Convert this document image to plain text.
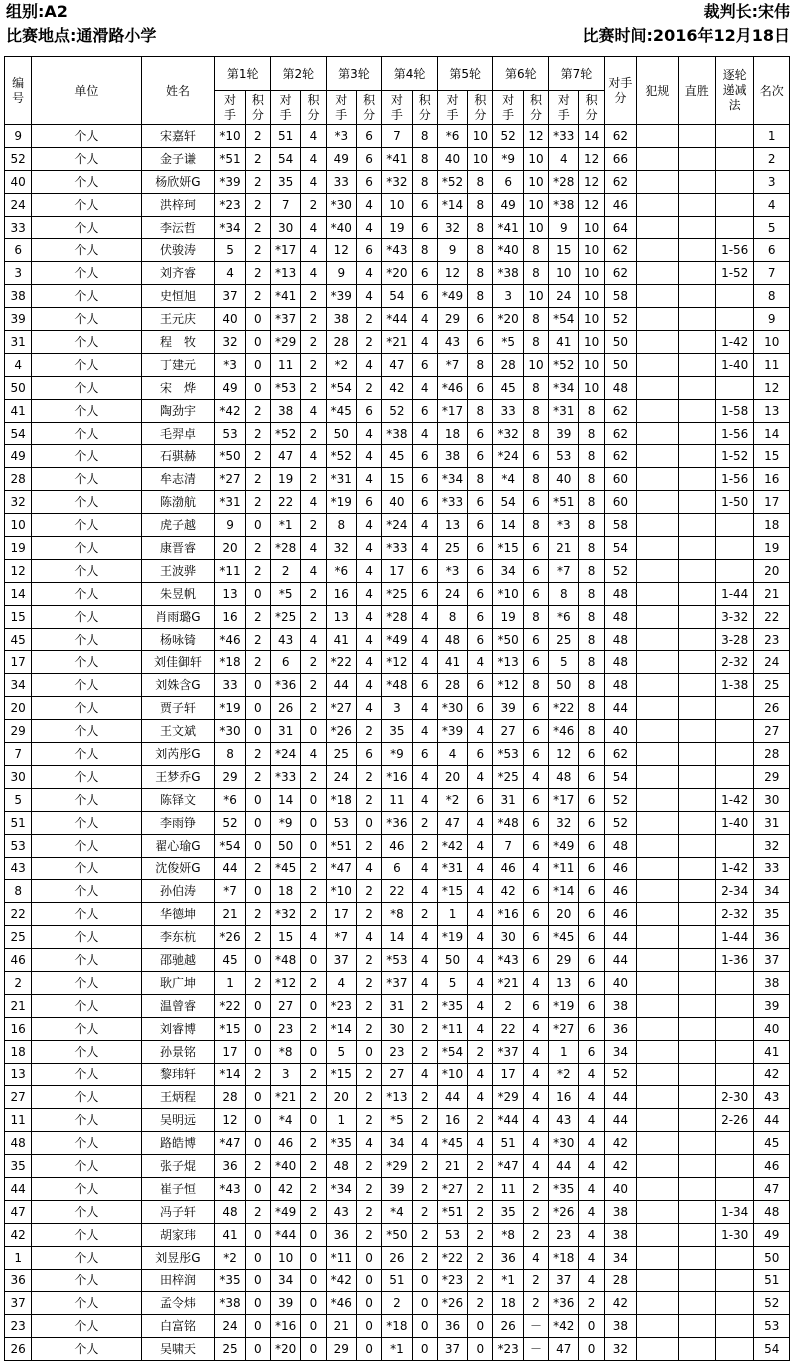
组别:A2	裁判长:宋伟
比赛地点:通滑路小学	比赛时间:2016年12月18日
编号	单位	姓名	第1轮		第2轮		第3轮		第4轮		第5轮		第6轮		第7轮		对手分	犯规	直胜	逐轮递减法	名次
			对手	积分	对手	积分	对手	积分	对手	积分	对手	积分	对手	积分	对手	积分					
9	个人	宋嘉轩	*10	2	51	4	*3	6	7	8	*6	10	52	12	*33	14	62				1
52	个人	金子谦	*51	2	54	4	49	6	*41	8	40	10	*9	10	4	12	66				2
40	个人	杨欣妍G	*39	2	35	4	33	6	*32	8	*52	8	6	10	*28	12	62				3
24	个人	洪梓珂	*23	2	7	2	*30	4	10	6	*14	8	49	10	*38	12	46				4
33	个人	李沄哲	*34	2	30	4	*40	4	19	6	32	8	*41	10	9	10	64				5
6	个人	伏骏涛	5	2	*17	4	12	6	*43	8	9	8	*40	8	15	10	62			1-56	6
3	个人	刘齐睿	4	2	*13	4	9	4	*20	6	12	8	*38	8	10	10	62			1-52	7
38	个人	史恒旭	37	2	*41	2	*39	4	54	6	*49	8	3	10	24	10	58				8
39	个人	王元庆	40	0	*37	2	38	2	*44	4	29	6	*20	8	*54	10	52				9
31	个人	程　牧	32	0	*29	2	28	2	*21	4	43	6	*5	8	41	10	50			1-42	10
4	个人	丁建元	*3	0	11	2	*2	4	47	6	*7	8	28	10	*52	10	50			1-40	11
50	个人	宋　烨	49	0	*53	2	*54	2	42	4	*46	6	45	8	*34	10	48				12
41	个人	陶劲宇	*42	2	38	4	*45	6	52	6	*17	8	33	8	*31	8	62			1-58	13
54	个人	毛羿卓	53	2	*52	2	50	4	*38	4	18	6	*32	8	39	8	62			1-56	14
49	个人	石骐赫	*50	2	47	4	*52	4	45	6	38	6	*24	6	53	8	62			1-52	15
28	个人	牟志清	*27	2	19	2	*31	4	15	6	*34	8	*4	8	40	8	60			1-56	16
32	个人	陈渤航	*31	2	22	4	*19	6	40	6	*33	6	54	6	*51	8	60			1-50	17
10	个人	虎子越	9	0	*1	2	8	4	*24	4	13	6	14	8	*3	8	58				18
19	个人	康晋睿	20	2	*28	4	32	4	*33	4	25	6	*15	6	21	8	54				19
12	个人	王波骅	*11	2	2	4	*6	4	17	6	*3	6	34	6	*7	8	52				20
14	个人	朱昱帆	13	0	*5	2	16	4	*25	6	24	6	*10	6	8	8	48			1-44	21
15	个人	肖雨璐G	16	2	*25	2	13	4	*28	4	8	6	19	8	*6	8	48			3-32	22
45	个人	杨咏锜	*46	2	43	4	41	4	*49	4	48	6	*50	6	25	8	48			3-28	23
17	个人	刘佳御轩	*18	2	6	2	*22	4	*12	4	41	4	*13	6	5	8	48			2-32	24
34	个人	刘姝含G	33	0	*36	2	44	4	*48	6	28	6	*12	8	50	8	48			1-38	25
20	个人	贾子轩	*19	0	26	2	*27	4	3	4	*30	6	39	6	*22	8	44				26
29	个人	王文斌	*30	0	31	0	*26	2	35	4	*39	4	27	6	*46	8	40				27
7	个人	刘芮彤G	8	2	*24	4	25	6	*9	6	4	6	*53	6	12	6	62				28
30	个人	王梦乔G	29	2	*33	2	24	2	*16	4	20	4	*25	4	48	6	54				29
5	个人	陈铎文	*6	0	14	0	*18	2	11	4	*2	6	31	6	*17	6	52			1-42	30
51	个人	李雨铮	52	0	*9	0	53	0	*36	2	47	4	*48	6	32	6	52			1-40	31
53	个人	翟心瑜G	*54	0	50	0	*51	2	46	2	*42	4	7	6	*49	6	48				32
43	个人	沈俊妍G	44	2	*45	2	*47	4	6	4	*31	4	46	4	*11	6	46			1-42	33
8	个人	孙伯涛	*7	0	18	2	*10	2	22	4	*15	4	42	6	*14	6	46			2-34	34
22	个人	华德坤	21	2	*32	2	17	2	*8	2	1	4	*16	6	20	6	46			2-32	35
25	个人	李东杭	*26	2	15	4	*7	4	14	4	*19	4	30	6	*45	6	44			1-44	36
46	个人	邵驰越	45	0	*48	0	37	2	*53	4	50	4	*43	6	29	6	44			1-36	37
2	个人	耿广坤	1	2	*12	2	4	2	*37	4	5	4	*21	4	13	6	40				38
21	个人	温曾睿	*22	0	27	0	*23	2	31	2	*35	4	2	6	*19	6	38				39
16	个人	刘睿博	*15	0	23	2	*14	2	30	2	*11	4	22	4	*27	6	36				40
18	个人	孙景铭	17	0	*8	0	5	0	23	2	*54	2	*37	4	1	6	34				41
13	个人	黎玮轩	*14	2	3	2	*15	2	27	4	*10	4	17	4	*2	4	52				42
27	个人	王炳程	28	0	*21	2	20	2	*13	2	44	4	*29	4	16	4	44			2-30	43
11	个人	吴明远	12	0	*4	0	1	2	*5	2	16	2	*44	4	43	4	44			2-26	44
48	个人	路皓博	*47	0	46	2	*35	4	34	4	*45	4	51	4	*30	4	42				45
35	个人	张子焜	36	2	*40	2	48	2	*29	2	21	2	*47	4	44	4	42				46
44	个人	崔子恒	*43	0	42	2	*34	2	39	2	*27	2	11	2	*35	4	40				47
47	个人	冯子轩	48	2	*49	2	43	2	*4	2	*51	2	35	2	*26	4	38			1-34	48
42	个人	胡家玮	41	0	*44	0	36	2	*50	2	53	2	*8	2	23	4	38			1-30	49
1	个人	刘昱彤G	*2	0	10	0	*11	0	26	2	*22	2	36	4	*18	4	34				50
36	个人	田梓润	*35	0	34	0	*42	0	51	0	*23	2	*1	2	37	4	28				51
37	个人	孟令炜	*38	0	39	0	*46	0	2	0	*26	2	18	2	*36	2	42				52
23	个人	白富铭	24	0	*16	0	21	0	*18	0	36	0	26	－	*42	0	38				53
26	个人	吴啸天	25	0	*20	0	29	0	*1	0	37	0	*23	－	47	0	32				54
